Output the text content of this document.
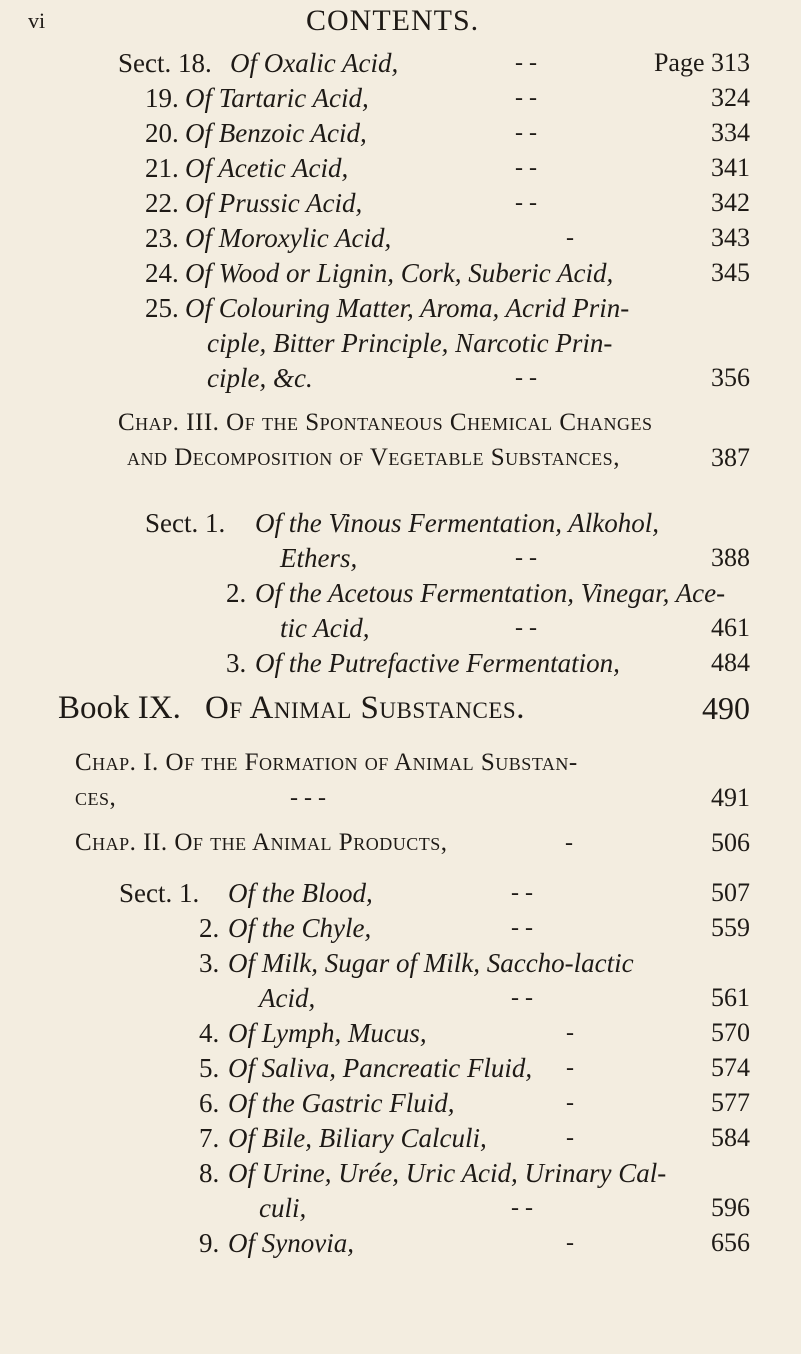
vi	CONTENTS.
Sect. 18. Of Oxalic Acid,	- -	Page 313
19. Of Tartaric Acid,	- -	324
20. Of Benzoic Acid,	- -	334
21. Of Acetic Acid,	- -	341
22. Of Prussic Acid,	- -	342
23. Of Moroxylic Acid,	-	343
24. Of Wood or Lignin, Cork, Suberic Acid,	345
25. Of Colouring Matter, Aroma, Acrid Prin-
ciple, Bitter Principle, Narcotic Prin-
ciple, &c.	- -	356
Chap. III. Of the Spontaneous Chemical Changes
and Decomposition of Vegetable Substances,	387
Sect. 1. Of the Vinous Fermentation, Alkohol,
Ethers,	- -	388
2. Of the Acetous Fermentation, Vinegar, Ace-
tic Acid,	- -	461
3. Of the Putrefactive Fermentation,	484
Book IX. Of Animal Substances.	490
Chap. I. Of the Formation of Animal Substan-
ces,	- - -	491
Chap. II. Of the Animal Products,	-	506
Sect. 1. Of the Blood,	- -	507
2. Of the Chyle,	- -	559
3. Of Milk, Sugar of Milk, Saccho-lactic
Acid,	- -	561
4. Of Lymph, Mucus,	-	570
5. Of Saliva, Pancreatic Fluid, -	574
6. Of the Gastric Fluid,	-	577
7. Of Bile, Biliary Calculi,	-	584
8. Of Urine, Urée, Uric Acid, Urinary Cal-
culi,	- -	596
9. Of Synovia,	-	656
